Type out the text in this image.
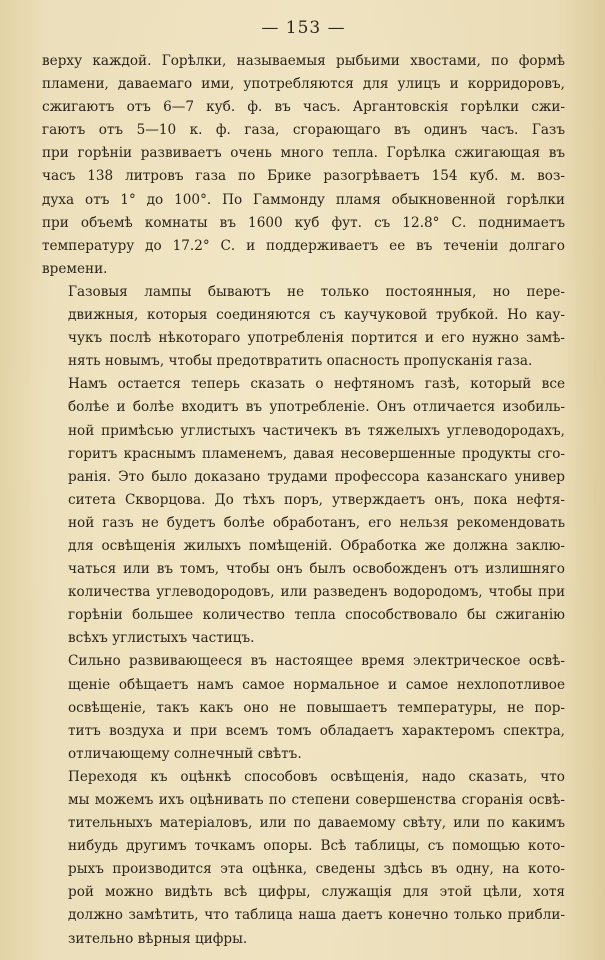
— 153 —

верху каждой. Горѣлки, называемыя рыбьими хвостами, по формѣ
пламени, даваемаго ими, употребляются для улицъ и корридоровъ,
сжигаютъ отъ 6—7 куб. ф. въ часъ. Аргантовскія горѣлки сжи-
гаютъ отъ 5—10 к. ф. газа, сгорающаго въ одинъ часъ. Газъ
при горѣніи развиваетъ очень много тепла. Горѣлка сжигающая въ
часъ 138 литровъ газа по Брике разогрѣваетъ 154 куб. м. воз-
духа отъ 1° до 100°. По Гаммонду пламя обыкновенной горѣлки
при объемѣ комнаты въ 1600 куб фут. съ 12.8° С. поднимаетъ
температуру до 17.2° С. и поддерживаетъ ее въ теченіи долгаго
времени.

Газовыя лампы бываютъ не только постоянныя, но пере-
движныя, которыя соединяются съ каучуковой трубкой. Но кау-
чукъ послѣ нѣкотораго употребленія портится и его нужно замѣ-
нять новымъ, чтобы предотвратить опасность пропусканія газа.

Намъ остается теперь сказать о нефтяномъ газѣ, который все
болѣе и болѣе входитъ въ употребленіе. Онъ отличается изобиль-
ной примѣсью углистыхъ частичекъ въ тяжелыхъ углеводородахъ,
горитъ краснымъ пламенемъ, давая несовершенные продукты сго-
ранія. Это было доказано трудами профессора казанскаго универ
ситета Скворцова. До тѣхъ поръ, утверждаетъ онъ, пока нефтя-
ной газъ не будетъ болѣе обработанъ, его нельзя рекомендовать
для освѣщенія жилыхъ помѣщеній. Обработка же должна заклю-
чаться или въ томъ, чтобы онъ былъ освобожденъ отъ излишняго
количества углеводородовъ, или разведенъ водородомъ, чтобы при
горѣніи большее количество тепла способствовало бы сжиганію
всѣхъ углистыхъ частицъ.

Сильно развивающееся въ настоящее время электрическое освѣ-
щеніе обѣщаетъ намъ самое нормальное и самое нехлопотливое
освѣщеніе, такъ какъ оно не повышаетъ температуры, не пор-
титъ воздуха и при всемъ томъ обладаетъ характеромъ спектра,
отличающему солнечный свѣтъ.

Переходя къ оцѣнкѣ способовъ освѣщенія, надо сказать, что
мы можемъ ихъ оцѣнивать по степени совершенства сгоранія освѣ-
тительныхъ матеріаловъ, или по даваемому свѣту, или по какимъ
нибудь другимъ точкамъ опоры. Всѣ таблицы, съ помощью кото-
рыхъ производится эта оцѣнка, сведены здѣсь въ одну, на кото-
рой можно видѣть всѣ цифры, служащія для этой цѣли, хотя
должно замѣтить, что таблица наша даетъ конечно только прибли-
зительно вѣрныя цифры.
